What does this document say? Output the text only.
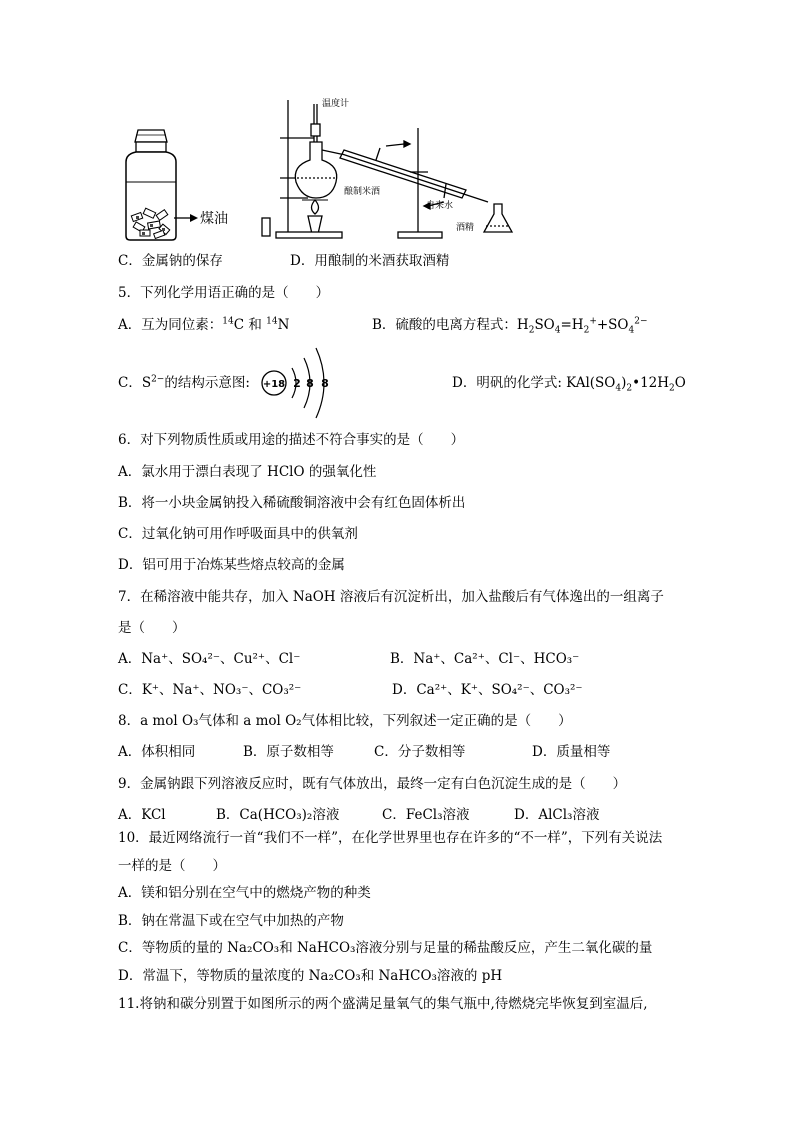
煤油
温度计
酿制米酒
自来水
酒精
C．金属钠的保存	D．用酿制的米酒获取酒精
5．下列化学用语正确的是（　　）
A．互为同位素：$^{14}$C 和 $^{14}$N	B．硫酸的电离方程式：$H_2SO_4=H_2^++SO_4^{2-}$
C．$S^{2-}$的结构示意图: +18 2 8 8	D．明矾的化学式: $KAl(SO_4)_2•12H_2O$
6．对下列物质性质或用途的描述不符合事实的是（　　）
A．氯水用于漂白表现了 HClO 的强氧化性
B．将一小块金属钠投入稀硫酸铜溶液中会有红色固体析出
C．过氧化钠可用作呼吸面具中的供氧剂
D．铝可用于冶炼某些熔点较高的金属
7．在稀溶液中能共存，加入 NaOH 溶液后有沉淀析出，加入盐酸后有气体逸出的一组离子
是（　　）
A．Na⁺、SO₄²⁻、Cu²⁺、Cl⁻	B．Na⁺、Ca²⁺、Cl⁻、HCO₃⁻
C．K⁺、Na⁺、NO₃⁻、CO₃²⁻	D．Ca²⁺、K⁺、SO₄²⁻、CO₃²⁻
8．a mol O₃气体和 a mol O₂气体相比较，下列叙述一定正确的是（　　）
A．体积相同	B．原子数相等	C．分子数相等	D．质量相等
9．金属钠跟下列溶液反应时，既有气体放出，最终一定有白色沉淀生成的是（　　）
A．KCl	B．Ca(HCO₃)₂溶液	C．FeCl₃溶液	D．AlCl₃溶液
10．最近网络流行一首“我们不一样”，在化学世界里也存在许多的“不一样”，下列有关说法
一样的是（　　）
A．镁和铝分别在空气中的燃烧产物的种类
B．钠在常温下或在空气中加热的产物
C．等物质的量的 Na₂CO₃和 NaHCO₃溶液分别与足量的稀盐酸反应，产生二氧化碳的量
D．常温下，等物质的量浓度的 Na₂CO₃和 NaHCO₃溶液的 pH
11.将钠和碳分别置于如图所示的两个盛满足量氧气的集气瓶中,待燃烧完毕恢复到室温后,
